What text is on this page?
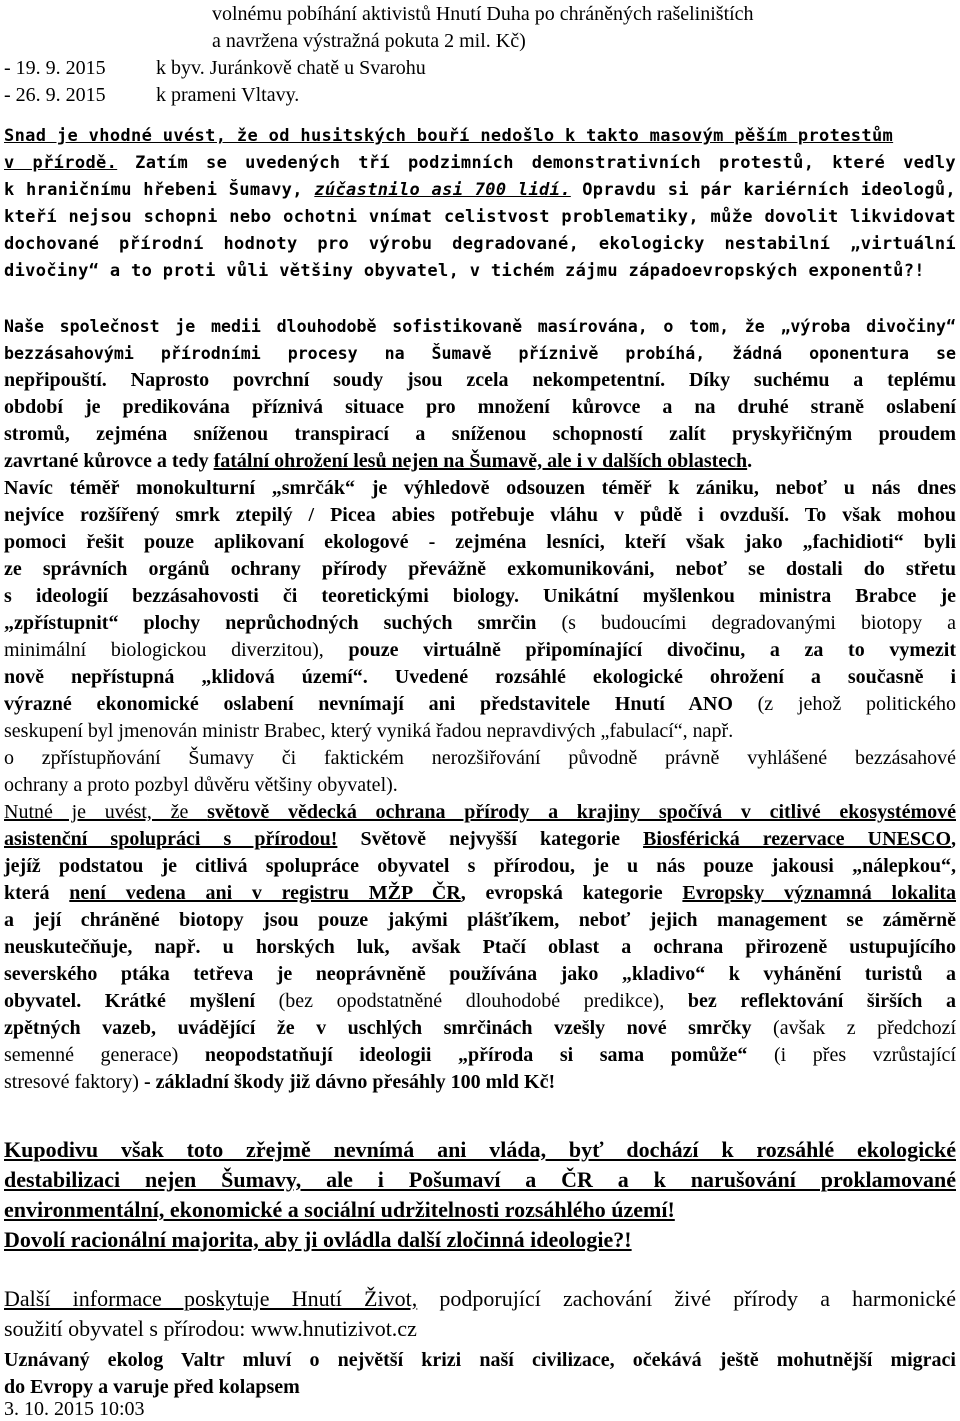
volnému pobíhání aktivistů Hnutí Duha po chráněných rašeliništích
a navržena výstražná pokuta 2 mil. Kč)
- 19. 9. 2015	k byv. Juránkově chatě u Svarohu
- 26. 9. 2015	k prameni Vltavy.
Snad je vhodné uvést, že od husitských bouří nedošlo k takto masovým pěším protestům
v přírodě. Zatím se uvedených tří podzimních demonstrativních protestů, které vedly
k hraničnímu hřebeni Šumavy, zúčastnilo asi 700 lidí. Opravdu si pár kariérních ideologů,
kteří nejsou schopni nebo ochotni vnímat celistvost problematiky, může dovolit likvidovat
dochované přírodní hodnoty pro výrobu degradované, ekologicky nestabilní „virtuální
divočiny“ a to proti vůli většiny obyvatel, v tichém zájmu západoevropských exponentů?!
Naše společnost je medii dlouhodobě sofistikovaně masírována, o tom, že „výroba divočiny“
bezzásahovými přírodními procesy na Šumavě příznivě probíhá, žádná oponentura se
nepřipouští. Naprosto povrchní soudy jsou zcela nekompetentní. Díky suchému a teplému
období je predikována příznivá situace pro množení kůrovce a na druhé straně oslabení
stromů, zejména sníženou transpirací a sníženou schopností zalít pryskyřičným proudem
zavrtané kůrovce a tedy fatální ohrožení lesů nejen na Šumavě, ale i v dalších oblastech.
Navíc téměř monokulturní „smrčák“ je výhledově odsouzen téměř k zániku, neboť u nás dnes
nejvíce rozšířený smrk ztepilý / Picea abies potřebuje vláhu v půdě i ovzduší. To však mohou
pomoci řešit pouze aplikovaní ekologové - zejména lesníci, kteří však jako „fachidioti“ byli
ze správních orgánů ochrany přírody převážně exkomunikováni, neboť se dostali do střetu
s ideologií bezzásahovosti či teoretickými biology. Unikátní myšlenkou ministra Brabce je
„zpřístupnit“ plochy neprůchodných suchých smrčin (s budoucími degradovanými biotopy a
minimální biologickou diverzitou), pouze virtuálně připomínající divočinu, a za to vymezit
nově nepřístupná „klidová území“. Uvedené rozsáhlé ekologické ohrožení a současně i
výrazné ekonomické oslabení nevnímají ani představitele Hnutí ANO (z jehož politického
seskupení byl jmenován ministr Brabec, který vyniká řadou nepravdivých „fabulací“, např.
o zpřístupňování Šumavy či faktickém nerozšiřování původně právně vyhlášené bezzásahové
ochrany a proto pozbyl důvěru většiny obyvatel).
Nutné je uvést, že světově vědecká ochrana přírody a krajiny spočívá v citlivé ekosystémové
asistenční spolupráci s přírodou! Světově nejvyšší kategorie Biosférická rezervace UNESCO,
jejíž podstatou je citlivá spolupráce obyvatel s přírodou, je u nás pouze jakousi „nálepkou“,
která není vedena ani v registru MŽP ČR, evropská kategorie Evropsky významná lokalita
a její chráněné biotopy jsou pouze jakými plášťíkem, neboť jejich management se záměrně
neuskutečňuje, např. u horských luk, avšak Ptačí oblast a ochrana přirozeně ustupujícího
severského ptáka tetřeva je neoprávněně používána jako „kladivo“ k vyhánění turistů a
obyvatel. Krátké myšlení (bez opodstatněné dlouhodobé predikce), bez reflektování širších a
zpětných vazeb, uvádějící že v uschlých smrčinách vzešly nové smrčky (avšak z předchozí
semenné generace) neopodstatňují ideologii „příroda si sama pomůže“ (i přes vzrůstající
stresové faktory) - základní škody již dávno přesáhly 100 mld Kč!
Kupodivu však toto zřejmě nevnímá ani vláda, byť dochází k rozsáhlé ekologické
destabilizaci nejen Šumavy, ale i Pošumaví a ČR a k narušování proklamované
environmentální, ekonomické a sociální udržitelnosti rozsáhlého území!
Dovolí racionální majorita, aby ji ovládla další zločinná ideologie?!
Další informace poskytuje Hnutí Život, podporující zachování živé přírody a harmonické
soužití obyvatel s přírodou: www.hnutizivot.cz
Uznávaný ekolog Valtr mluví o největší krizi naší civilizace, očekává ještě mohutnější migraci
do Evropy a varuje před kolapsem
3. 10. 2015 10:03
